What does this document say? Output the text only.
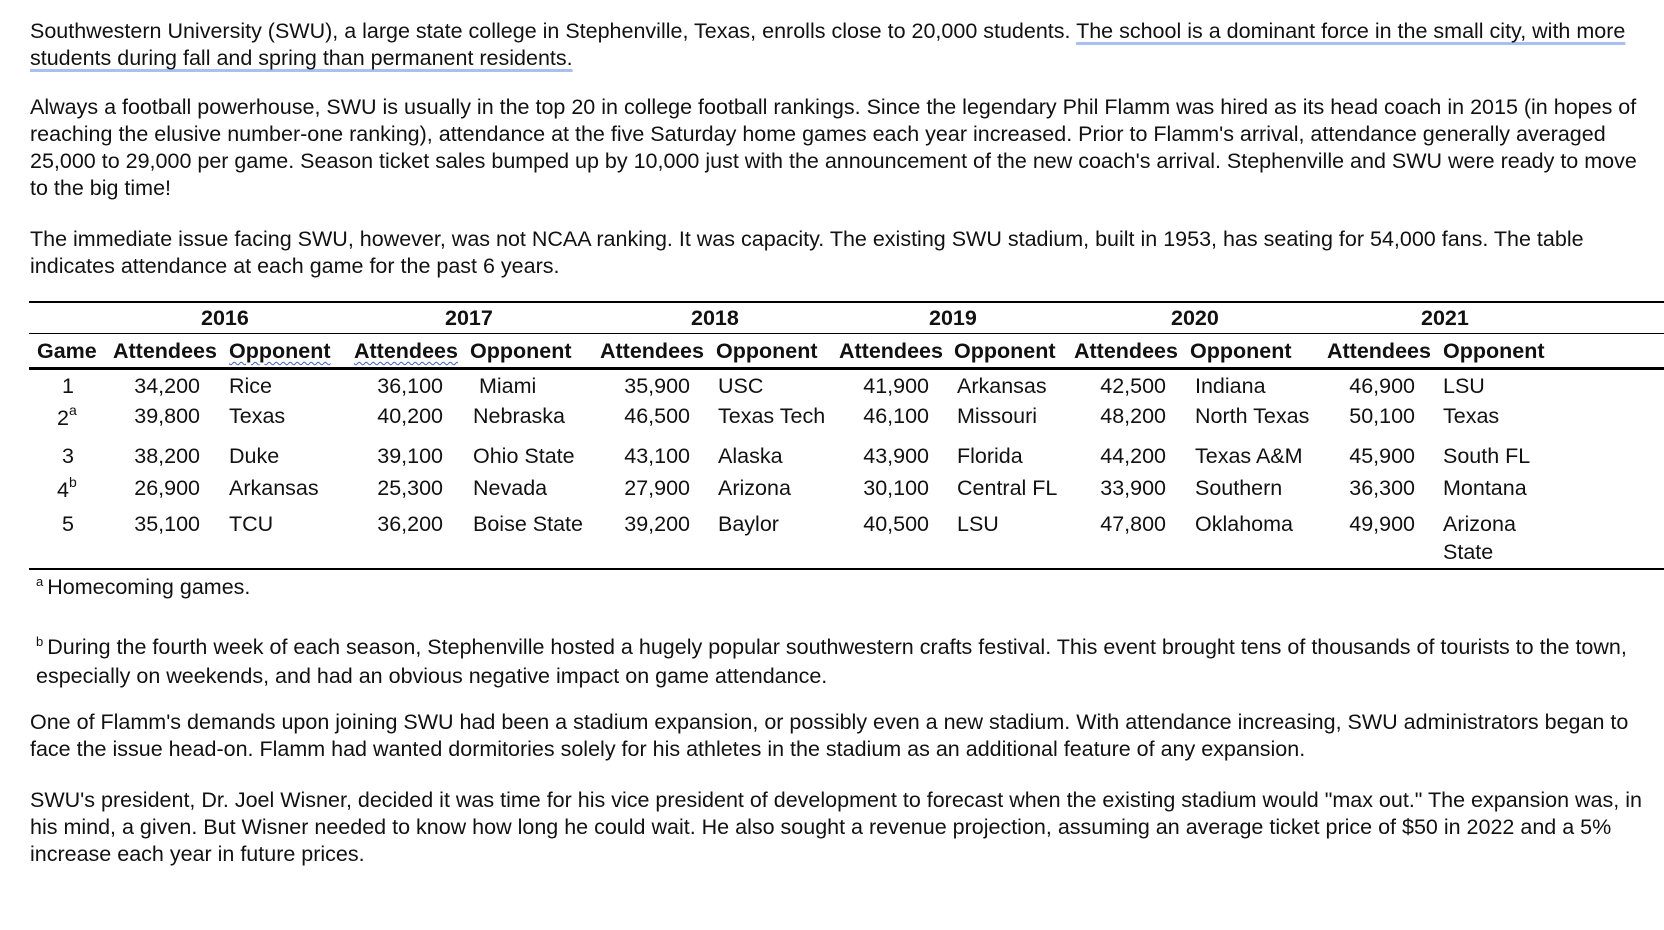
Southwestern University (SWU), a large state college in Stephenville, Texas, enrolls close to 20,000 students. The school is a dominant force in the small city, with more students during fall and spring than permanent residents.

Always a football powerhouse, SWU is usually in the top 20 in college football rankings. Since the legendary Phil Flamm was hired as its head coach in 2015 (in hopes of reaching the elusive number-one ranking), attendance at the five Saturday home games each year increased. Prior to Flamm's arrival, attendance generally averaged 25,000 to 29,000 per game. Season ticket sales bumped up by 10,000 just with the announcement of the new coach's arrival. Stephenville and SWU were ready to move to the big time!

The immediate issue facing SWU, however, was not NCAA ranking. It was capacity. The existing SWU stadium, built in 1953, has seating for 54,000 fans. The table indicates attendance at each game for the past 6 years.

2016	2017	2018	2019	2020	2021
Game Attendees Opponent Attendees Opponent Attendees Opponent Attendees Opponent Attendees Opponent Attendees Opponent
1	34,200 Rice	36,100 Miami	35,900 USC	41,900 Arkansas 42,500 Indiana	46,900 LSU
2$^a$	39,800 Texas	40,200 Nebraska	46,500 Texas Tech 46,100 Missouri	48,200 North Texas 50,100 Texas
3	38,200 Duke	39,100 Ohio State 43,100 Alaska	43,900 Florida	44,200 Texas A&M 45,900 South FL
4$^b$	26,900 Arkansas	25,300 Nevada	27,900 Arizona	30,100 Central FL 33,900 Southern	36,300 Montana
5	35,100 TCU	36,200 Boise State 39,200 Baylor	40,500 LSU	47,800 Oklahoma	49,900 Arizona
State

$^a$ Homecoming games.

$^b$ During the fourth week of each season, Stephenville hosted a hugely popular southwestern crafts festival. This event brought tens of thousands of tourists to the town, especially on weekends, and had an obvious negative impact on game attendance.

One of Flamm's demands upon joining SWU had been a stadium expansion, or possibly even a new stadium. With attendance increasing, SWU administrators began to face the issue head-on. Flamm had wanted dormitories solely for his athletes in the stadium as an additional feature of any expansion.

SWU's president, Dr. Joel Wisner, decided it was time for his vice president of development to forecast when the existing stadium would "max out." The expansion was, in his mind, a given. But Wisner needed to know how long he could wait. He also sought a revenue projection, assuming an average ticket price of $50 in 2022 and a 5% increase each year in future prices.
